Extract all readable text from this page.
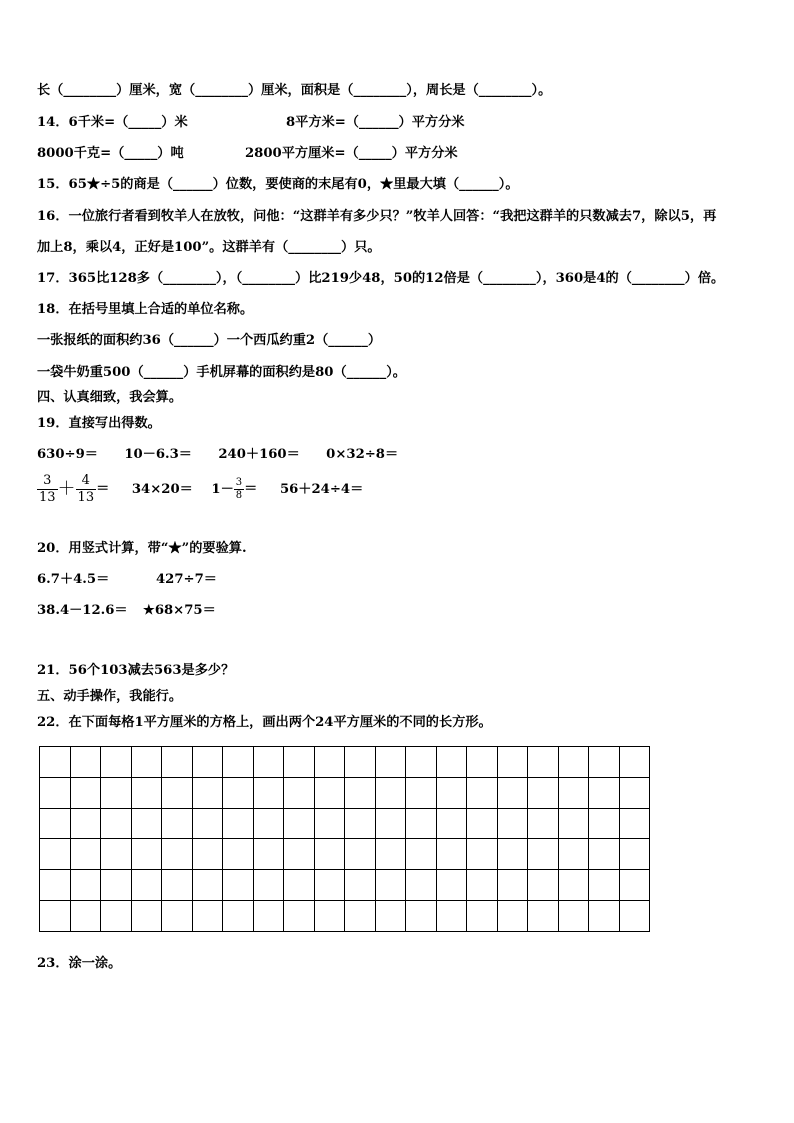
长（________）厘米，宽（________）厘米，面积是（________），周长是（________）。
14．6千米=（_____）米	8平方米=（______）平方分米
8000千克=（_____）吨	2800平方厘米=（_____）平方分米
15．65★÷5的商是（______）位数，要使商的末尾有0，★里最大填（______）。
16．一位旅行者看到牧羊人在放牧，问他：“这群羊有多少只？”牧羊人回答：“我把这群羊的只数减去7，除以5，再
加上8，乘以4，正好是100”。这群羊有（________）只。
17．365比128多（________），（________）比219少48，50的12倍是（________），360是4的（________）倍。
18．在括号里填上合适的单位名称。
一张报纸的面积约36（______）一个西瓜约重2（______）
一袋牛奶重500（______）手机屏幕的面积约是80（______）。
四、认真细致，我会算。
19．直接写出得数。
630÷9＝　　10－6.3＝　　240＋160＝　　0×32÷8＝
$\frac{3}{13} + \frac{4}{13} = 34\times 20= 1- \frac{3}{8} = 56+24\div 4=$
20．用竖式计算，带“★”的要验算.
6.7＋4.5＝	427÷7＝
38.4－12.6＝ ★68×75＝
21．56个103减去563是多少？
五、动手操作，我能行。
22．在下面每格1平方厘米的方格上，画出两个24平方厘米的不同的长方形。

23．涂一涂。
